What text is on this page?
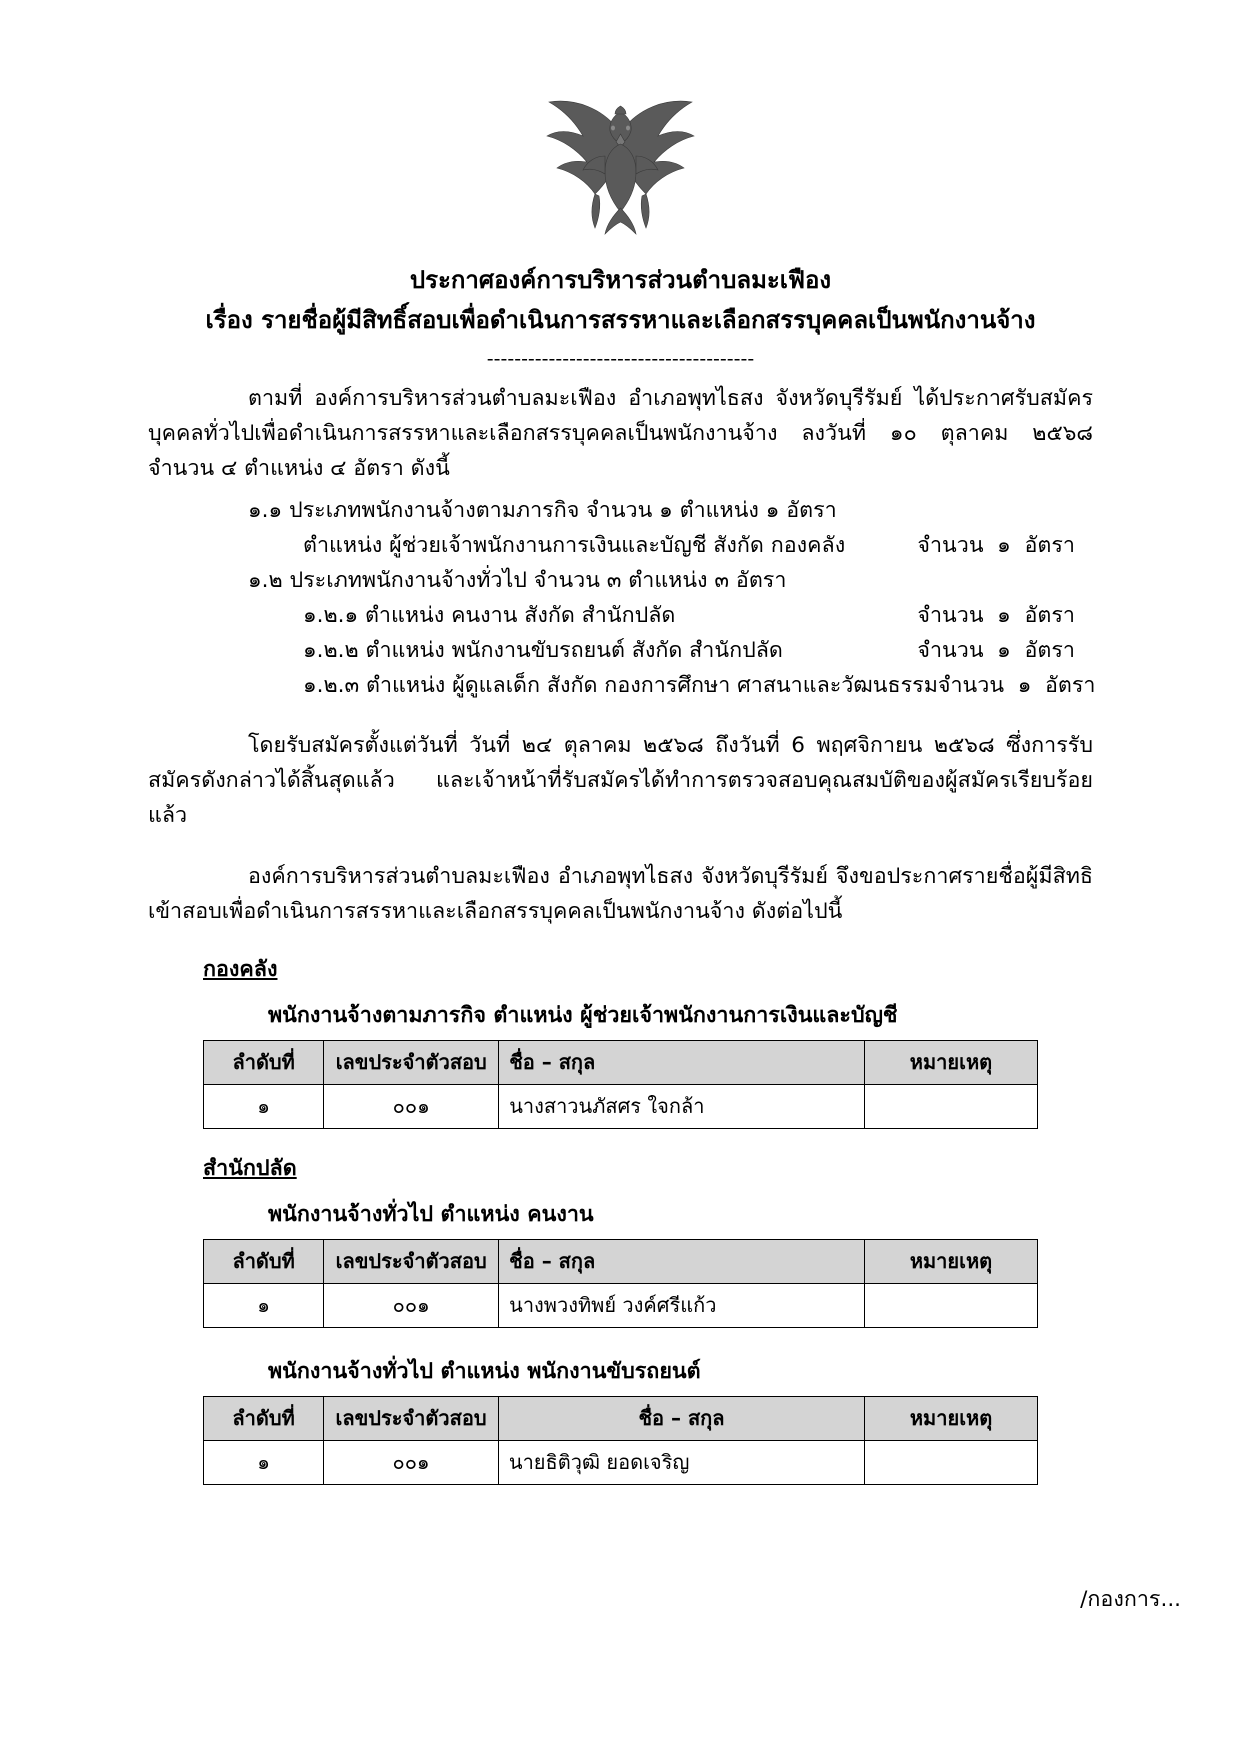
ประกาศองค์การบริหารส่วนตำบลมะเฟือง
เรื่อง รายชื่อผู้มีสิทธิ์สอบเพื่อดำเนินการสรรหาและเลือกสรรบุคคลเป็นพนักงานจ้าง
---------------------------------------
ตามที่ องค์การบริหารส่วนตำบลมะเฟือง อำเภอพุทไธสง จังหวัดบุรีรัมย์ ได้ประกาศรับสมัครบุคคลทั่วไปเพื่อดำเนินการสรรหาและเลือกสรรบุคคลเป็นพนักงานจ้าง ลงวันที่ ๑๐ ตุลาคม ๒๕๖๘ จำนวน ๔ ตำแหน่ง ๔ อัตรา ดังนี้
๑.๑ ประเภทพนักงานจ้างตามภารกิจ จำนวน ๑ ตำแหน่ง ๑ อัตรา
ตำแหน่ง ผู้ช่วยเจ้าพนักงานการเงินและบัญชี สังกัด กองคลัง	จำนวน  ๑  อัตรา
๑.๒ ประเภทพนักงานจ้างทั่วไป จำนวน ๓ ตำแหน่ง ๓ อัตรา
๑.๒.๑ ตำแหน่ง คนงาน สังกัด สำนักปลัด	จำนวน  ๑  อัตรา
๑.๒.๒ ตำแหน่ง พนักงานขับรถยนต์ สังกัด สำนักปลัด	จำนวน  ๑  อัตรา
๑.๒.๓ ตำแหน่ง ผู้ดูแลเด็ก สังกัด กองการศึกษา ศาสนาและวัฒนธรรม จำนวน  ๑  อัตรา
โดยรับสมัครตั้งแต่วันที่ วันที่ ๒๔ ตุลาคม ๒๕๖๘ ถึงวันที่ 6 พฤศจิกายน ๒๕๖๘ ซึ่งการรับสมัครดังกล่าวได้สิ้นสุดแล้ว และเจ้าหน้าที่รับสมัครได้ทำการตรวจสอบคุณสมบัติของผู้สมัครเรียบร้อยแล้ว
องค์การบริหารส่วนตำบลมะเฟือง อำเภอพุทไธสง จังหวัดบุรีรัมย์ จึงขอประกาศรายชื่อผู้มีสิทธิเข้าสอบเพื่อดำเนินการสรรหาและเลือกสรรบุคคลเป็นพนักงานจ้าง ดังต่อไปนี้
กองคลัง
พนักงานจ้างตามภารกิจ ตำแหน่ง ผู้ช่วยเจ้าพนักงานการเงินและบัญชี
ลำดับที่	เลขประจำตัวสอบ	ชื่อ – สกุล	หมายเหตุ
๑	๐๐๑	นางสาวนภัสศร ใจกล้า	
สำนักปลัด
พนักงานจ้างทั่วไป ตำแหน่ง คนงาน
ลำดับที่	เลขประจำตัวสอบ	ชื่อ – สกุล	หมายเหตุ
๑	๐๐๑	นางพวงทิพย์ วงค์ศรีแก้ว	
พนักงานจ้างทั่วไป ตำแหน่ง พนักงานขับรถยนต์
ลำดับที่	เลขประจำตัวสอบ	ชื่อ – สกุล	หมายเหตุ
๑	๐๐๑	นายธิติวุฒิ ยอดเจริญ	
/กองการ...
